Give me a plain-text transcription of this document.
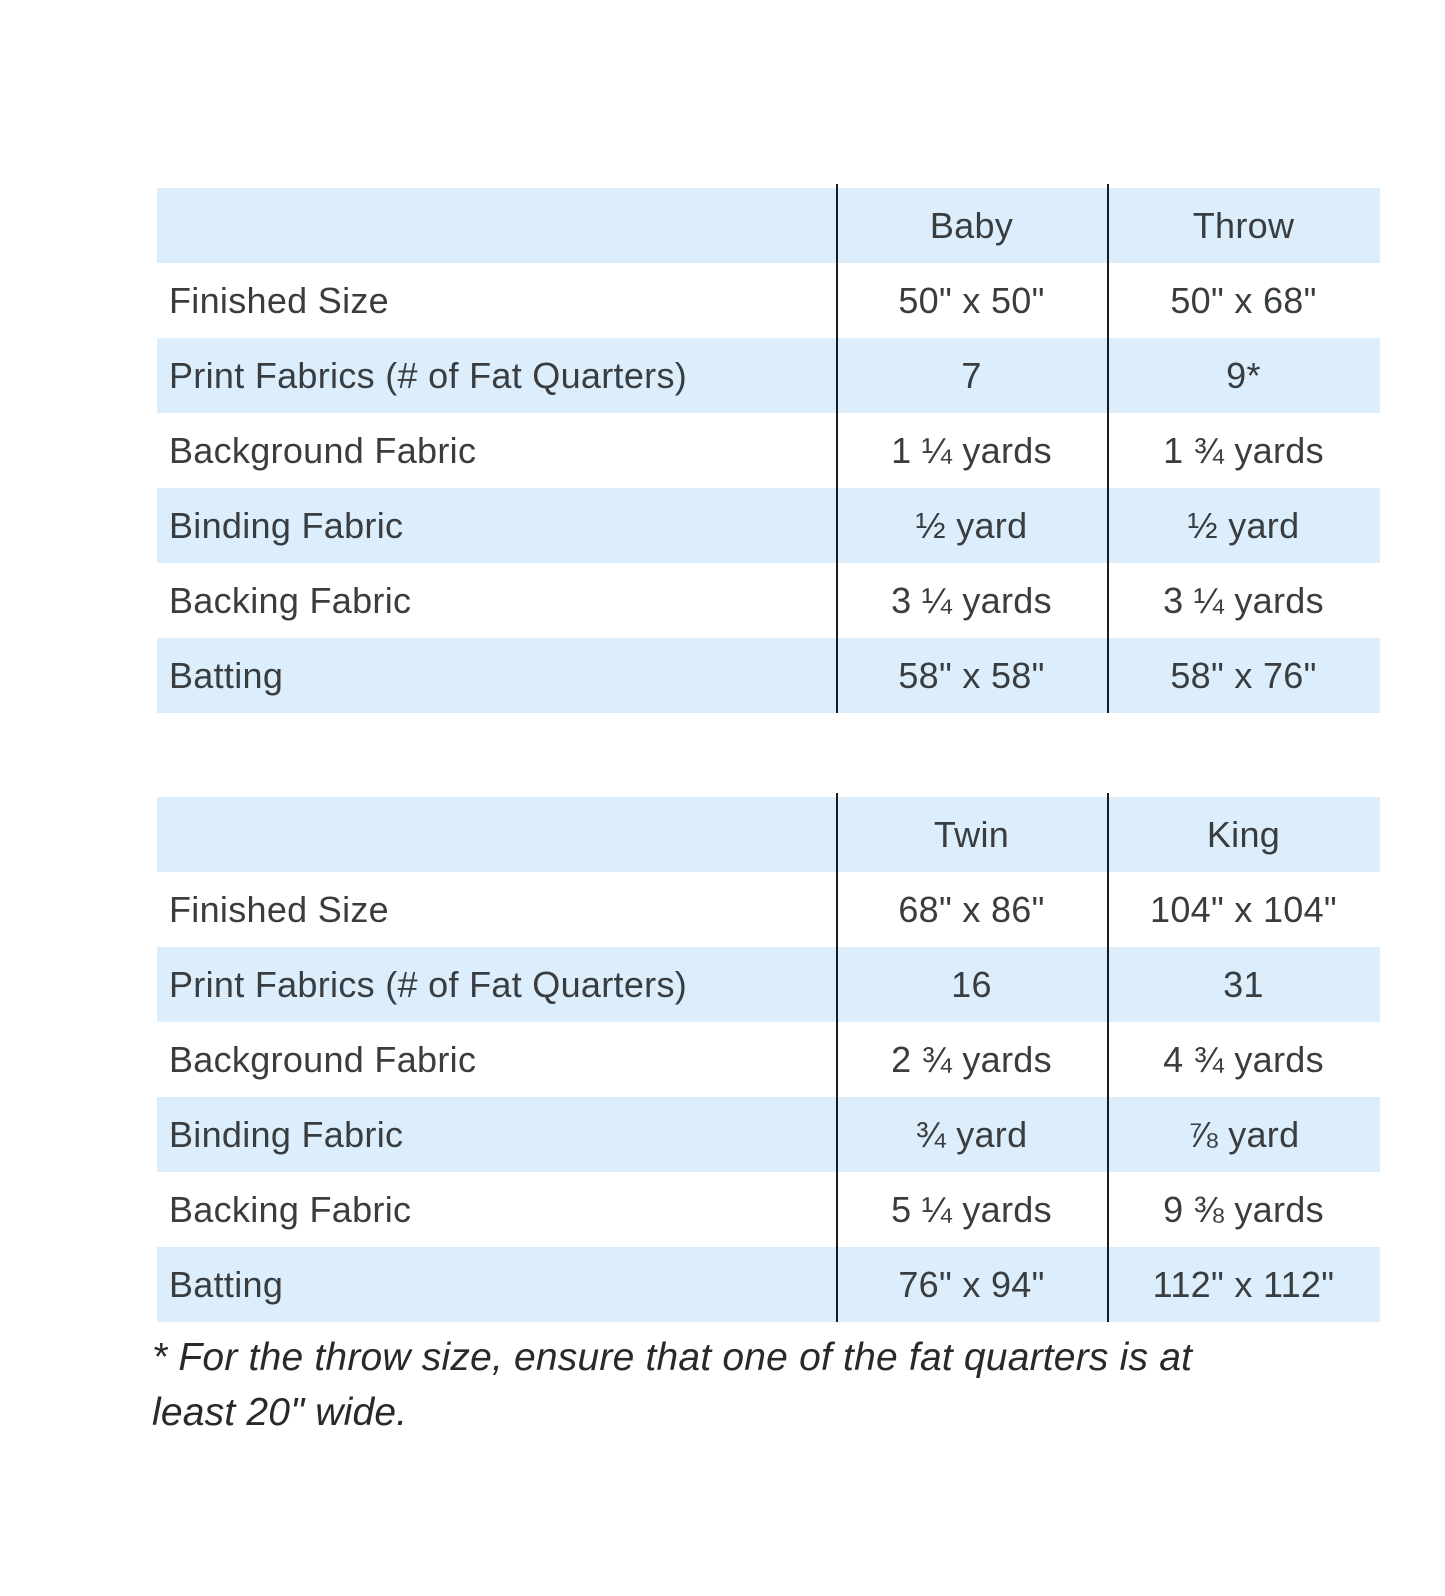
Baby	Throw
Finished Size	50" x 50"	50" x 68"
Print Fabrics (# of Fat Quarters)	7	9*
Background Fabric	1 ¼ yards	1 ¾ yards
Binding Fabric	½ yard	½ yard
Backing Fabric	3 ¼ yards	3 ¼ yards
Batting	58" x 58"	58" x 76"
Twin	King
Finished Size	68" x 86"	104" x 104"
Print Fabrics (# of Fat Quarters)	16	31
Background Fabric	2 ¾ yards	4 ¾ yards
Binding Fabric	¾ yard	⅞ yard
Backing Fabric	5 ¼ yards	9 ⅜ yards
Batting	76" x 94"	112" x 112"
* For the throw size, ensure that one of the fat quarters is at
least 20" wide.
